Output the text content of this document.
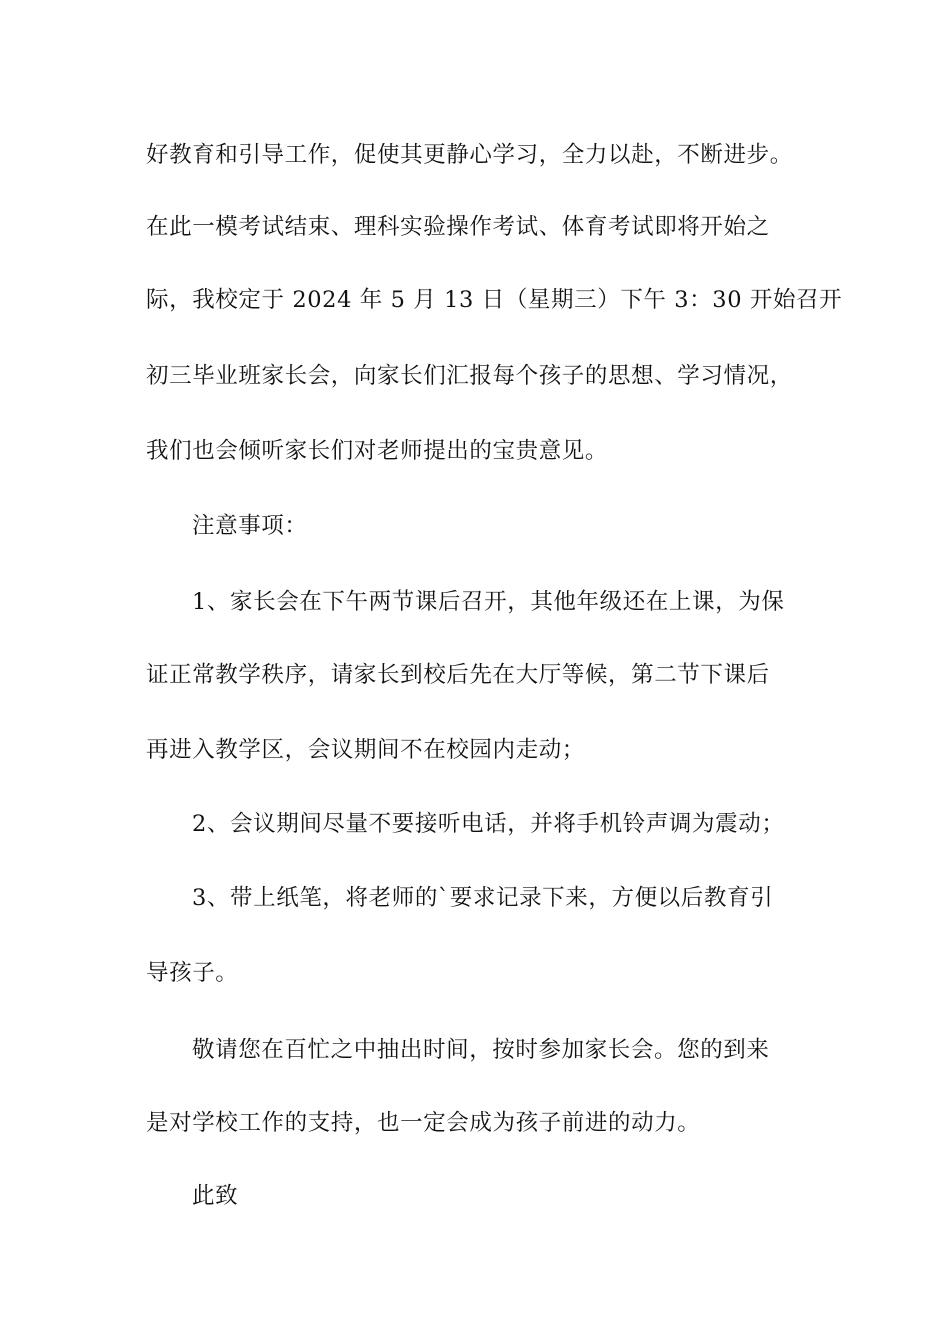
好教育和引导工作，促使其更静心学习，全力以赴，不断进步。
在此一模考试结束、理科实验操作考试、体育考试即将开始之
际，我校定于 2024 年 5 月 13 日（星期三）下午 3：30 开始召开
初三毕业班家长会，向家长们汇报每个孩子的思想、学习情况，
我们也会倾听家长们对老师提出的宝贵意见。
注意事项：
1、家长会在下午两节课后召开，其他年级还在上课，为保
证正常教学秩序，请家长到校后先在大厅等候，第二节下课后
再进入教学区，会议期间不在校园内走动；
2、会议期间尽量不要接听电话，并将手机铃声调为震动；
3、带上纸笔，将老师的`要求记录下来，方便以后教育引
导孩子。
敬请您在百忙之中抽出时间，按时参加家长会。您的到来
是对学校工作的支持，也一定会成为孩子前进的动力。
此致
